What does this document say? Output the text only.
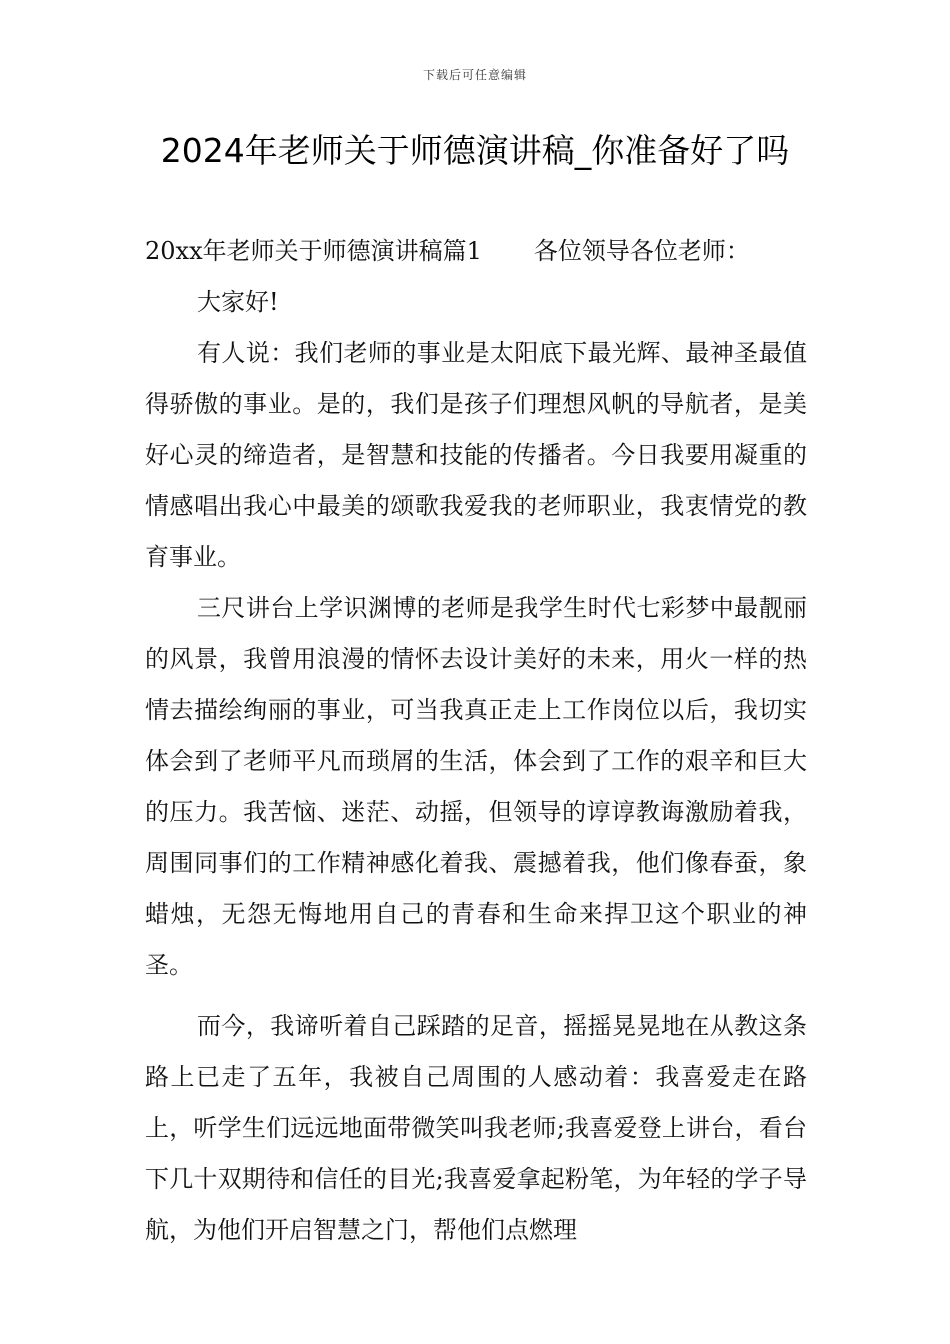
下载后可任意编辑
2024年老师关于师德演讲稿_你准备好了吗

20xx年老师关于师德演讲稿篇1 各位领导各位老师：

大家好!

有人说：我们老师的事业是太阳底下最光辉、最神圣最值得骄傲的事业。是的，我们是孩子们理想风帆的导航者，是美好心灵的缔造者，是智慧和技能的传播者。今日我要用凝重的情感唱出我心中最美的颂歌我爱我的老师职业，我衷情党的教育事业。

三尺讲台上学识渊博的老师是我学生时代七彩梦中最靓丽的风景，我曾用浪漫的情怀去设计美好的未来，用火一样的热情去描绘绚丽的事业，可当我真正走上工作岗位以后，我切实体会到了老师平凡而琐屑的生活，体会到了工作的艰辛和巨大的压力。我苦恼、迷茫、动摇，但领导的谆谆教诲激励着我，周围同事们的工作精神感化着我、震撼着我，他们像春蚕，象蜡烛，无怨无悔地用自己的青春和生命来捍卫这个职业的神圣。

而今，我谛听着自己踩踏的足音，摇摇晃晃地在从教这条路上已走了五年，我被自己周围的人感动着：我喜爱走在路上，听学生们远远地面带微笑叫我老师;我喜爱登上讲台，看台下几十双期待和信任的目光;我喜爱拿起粉笔，为年轻的学子导航，为他们开启智慧之门，帮他们点燃理
